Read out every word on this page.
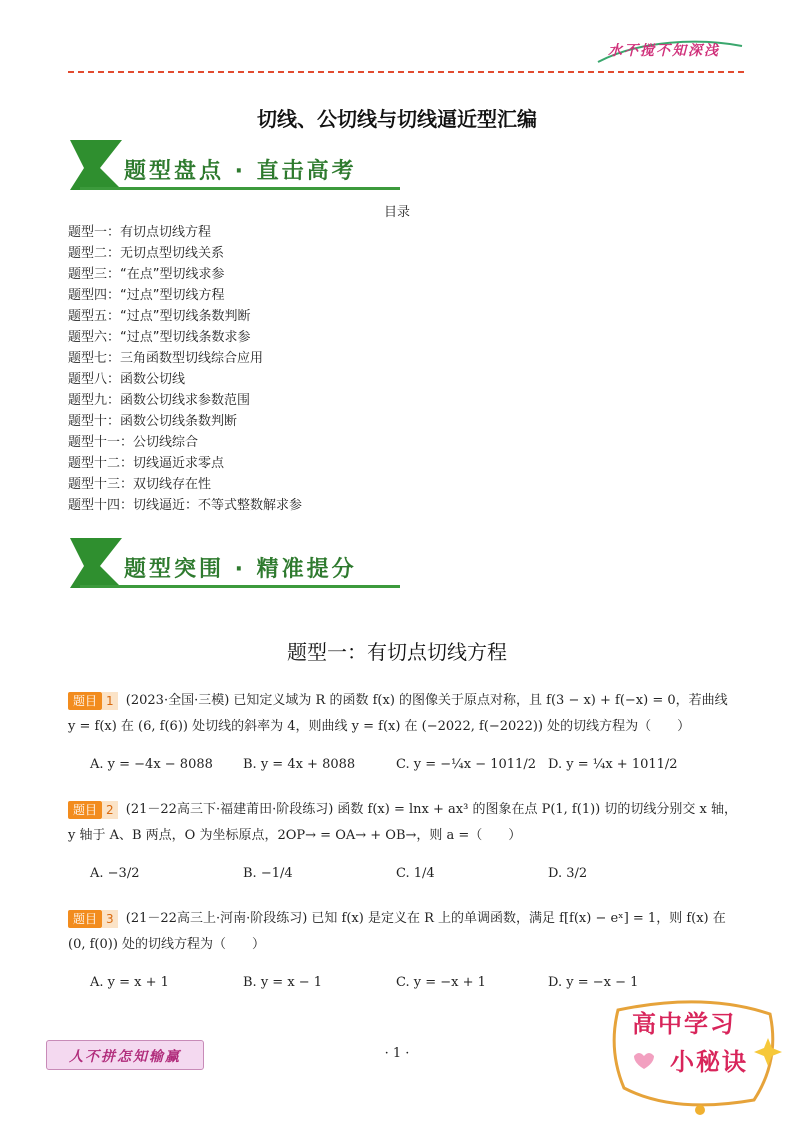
水不搅不知深浅
切线、公切线与切线逼近型汇编
题型盘点 · 直击高考
目录
题型一：有切点切线方程
题型二：无切点型切线关系
题型三：“在点”型切线求参
题型四：“过点”型切线方程
题型五：“过点”型切线条数判断
题型六：“过点”型切线条数求参
题型七：三角函数型切线综合应用
题型八：函数公切线
题型九：函数公切线求参数范围
题型十：函数公切线条数判断
题型十一：公切线综合
题型十二：切线逼近求零点
题型十三：双切线存在性
题型十四：切线逼近：不等式整数解求参
题型突围 · 精准提分
题型一：有切点切线方程
题目 1 (2023·全国·三模) 已知定义域为 R 的函数 f(x) 的图像关于原点对称，且 f(3 − x) + f(−x) = 0，若曲线 y = f(x) 在 (6, f(6)) 处切线的斜率为 4，则曲线 y = f(x) 在 (−2022, f(−2022)) 处的切线方程为（　　）
A. y = −4x − 8088 B. y = 4x + 8088	C. y = −¼x − 1011/2 D. y = ¼x + 1011/2
题目 2 (21－22高三下·福建莆田·阶段练习) 函数 f(x) = lnx + ax³ 的图象在点 P(1, f(1)) 切的切线分别交 x 轴，y 轴于 A、B 两点，O 为坐标原点，2OP→ = OA→ + OB→，则 a =（　　）
A. −3/2	B. −1/4	C. 1/4	D. 3/2
题目 3 (21－22高三上·河南·阶段练习) 已知 f(x) 是定义在 R 上的单调函数，满足 f[f(x) − eˣ] = 1，则 f(x) 在 (0, f(0)) 处的切线方程为（　　）
A. y = x + 1	B. y = x − 1	C. y = −x + 1	D. y = −x − 1
人不拼怎知输赢	· 1 ·
高中学习
小秘诀
